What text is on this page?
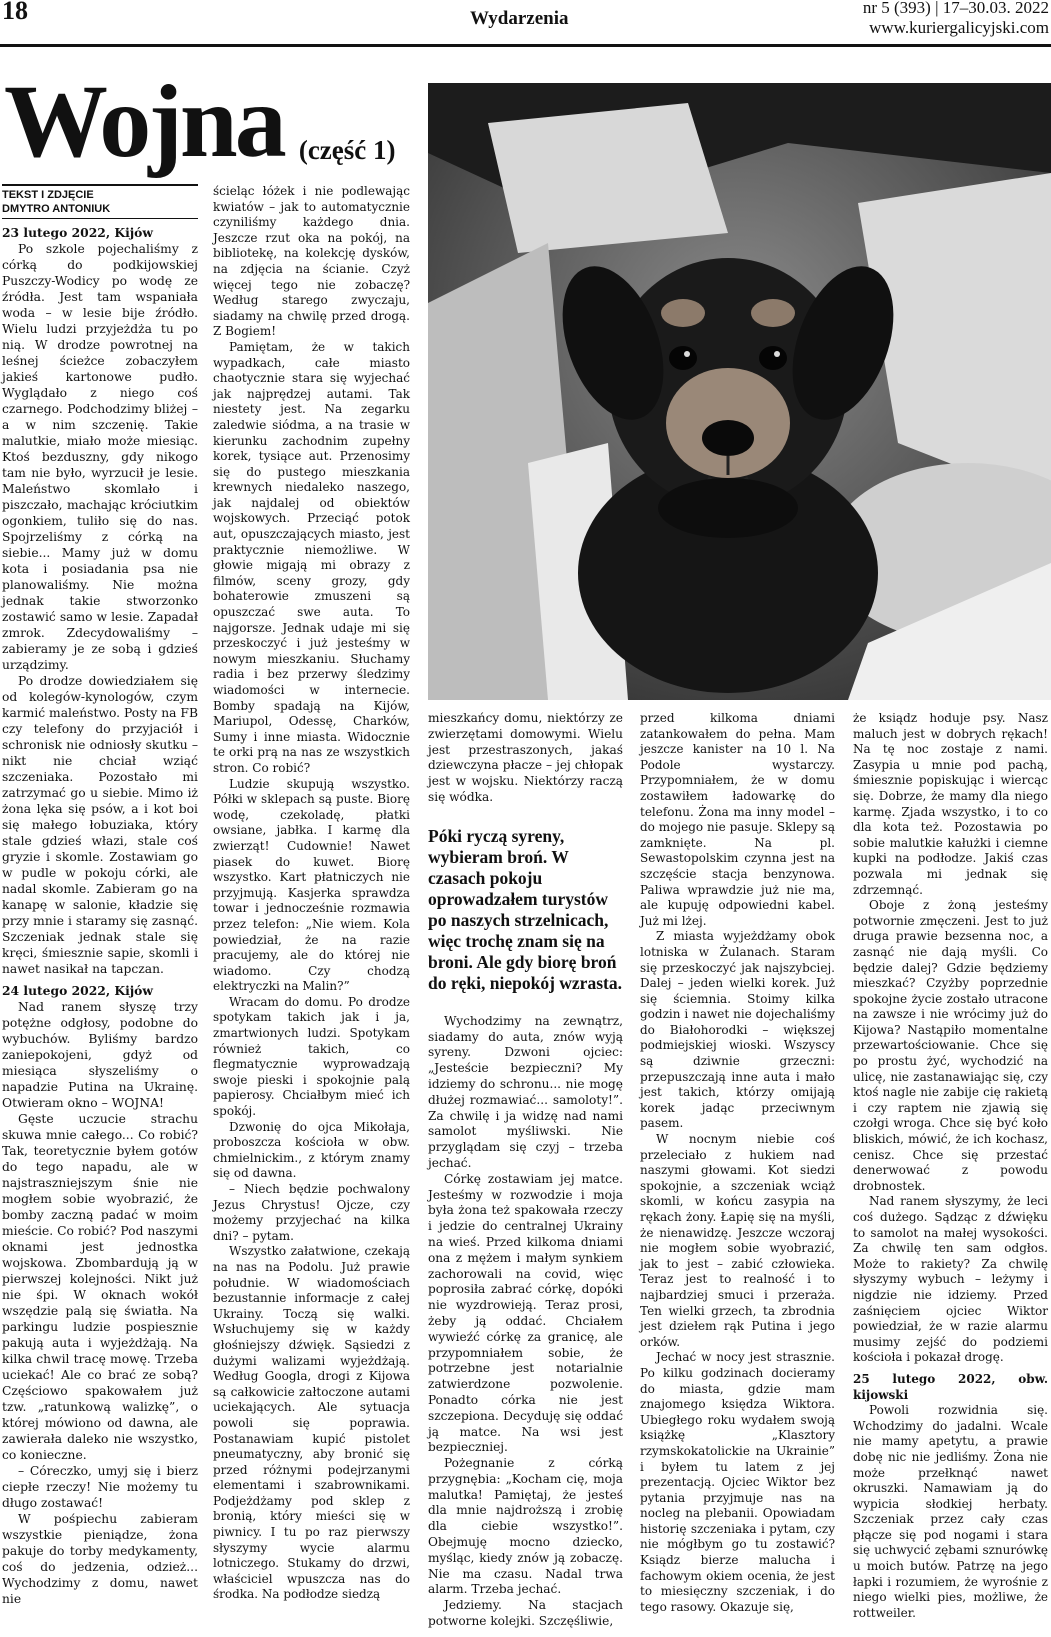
18	Wydarzenia
nr 5 (393) | 17–30.03. 2022
www.kuriergalicyjski.com
Wojna (część 1)
TEKST I ZDJĘCIE
DMYTRO ANTONIUK

23 lutego 2022, Kijów

Po szkole pojechaliśmy z córką do podkijowskiej Puszczy-Wodicy po wodę ze źródła. Jest tam wspaniała woda – w lesie bije źródło. Wielu ludzi przyjeżdża tu po nią. W drodze powrotnej na leśnej ścieżce zobaczyłem jakieś kartonowe pudło. Wyglądało z niego coś czarnego. Podchodzimy bliżej – a w nim szczenię. Takie malutkie, miało może miesiąc. Ktoś bezduszny, gdy nikogo tam nie było, wyrzucił je lesie. Maleństwo skomlało i piszczało, machając króciutkim ogonkiem, tuliło się do nas. Spojrzeliśmy z córką na siebie... Mamy już w domu kota i posiadania psa nie planowaliśmy. Nie można jednak takie stworzonko zostawić samo w lesie. Zapadał zmrok. Zdecydowaliśmy – zabieramy je ze sobą i gdzieś urządzimy.

Po drodze dowiedziałem się od kolegów-kynologów, czym karmić maleństwo. Posty na FB czy telefony do przyjaciół i schronisk nie odniosły skutku – nikt nie chciał wziąć szczeniaka. Pozostało mi zatrzymać go u siebie. Mimo iż żona lęka się psów, a i kot boi się małego łobuziaka, który stale gdzieś włazi, stale coś gryzie i skomle. Zostawiam go w pudle w pokoju córki, ale nadal skomle. Zabieram go na kanapę w salonie, kładzie się przy mnie i staramy się zasnąć. Szczeniak jednak stale się kręci, śmiesznie sapie, skomli i nawet nasikał na tapczan.

24 lutego 2022, Kijów

Nad ranem słyszę trzy potężne odgłosy, podobne do wybuchów. Byliśmy bardzo zaniepokojeni, gdyż od miesiąca słyszeliśmy o napadzie Putina na Ukrainę. Otwieram okno – WOJNA!

Gęste uczucie strachu skuwa mnie całego... Co robić? Tak, teoretycznie byłem gotów do tego napadu, ale w najstraszniejszym śnie nie mogłem sobie wyobrazić, że bomby zaczną padać w moim mieście. Co robić? Pod naszymi oknami jest jednostka wojskowa. Zbombardują ją w pierwszej kolejności. Nikt już nie śpi. W oknach wokół wszędzie palą się światła. Na parkingu ludzie pospiesznie pakują auta i wyjeżdżają. Na kilka chwil tracę mowę. Trzeba uciekać! Ale co brać ze sobą? Częściowo spakowałem już tzw. „ratunkową walizkę”, o której mówiono od dawna, ale zawierała daleko nie wszystko, co konieczne.

– Córeczko, umyj się i bierz ciepłe rzeczy! Nie możemy tu długo zostawać!

W pośpiechu zabieram wszystkie pieniądze, żona pakuje do torby medykamenty, coś do jedzenia, odzież... Wychodzimy z domu, nawet nie

ścieląc łóżek i nie podlewając kwiatów – jak to automatycznie czyniliśmy każdego dnia. Jeszcze rzut oka na pokój, na bibliotekę, na kolekcję dysków, na zdjęcia na ścianie. Czyż więcej tego nie zobaczę? Według starego zwyczaju, siadamy na chwilę przed drogą. Z Bogiem!

Pamiętam, że w takich wypadkach, całe miasto chaotycznie stara się wyjechać jak najprędzej autami. Tak niestety jest. Na zegarku zaledwie siódma, a na trasie w kierunku zachodnim zupełny korek, tysiące aut. Przenosimy się do pustego mieszkania krewnych niedaleko naszego, jak najdalej od obiektów wojskowych. Przeciąć potok aut, opuszczających miasto, jest praktycznie niemożliwe. W głowie migają mi obrazy z filmów, sceny grozy, gdy bohaterowie zmuszeni są opuszczać swe auta. To najgorsze. Jednak udaje mi się przeskoczyć i już jesteśmy w nowym mieszkaniu. Słuchamy radia i bez przerwy śledzimy wiadomości w internecie. Bomby spadają na Kijów, Mariupol, Odessę, Charków, Sumy i inne miasta. Widocznie te orki prą na nas ze wszystkich stron. Co robić?

Ludzie skupują wszystko. Półki w sklepach są puste. Biorę wodę, czekoladę, płatki owsiane, jabłka. I karmę dla zwierząt! Cudownie! Nawet piasek do kuwet. Biorę wszystko. Kart płatniczych nie przyjmują. Kasjerka sprawdza towar i jednocześnie rozmawia przez telefon: „Nie wiem. Kola powiedział, że na razie pracujemy, ale do której nie wiadomo. Czy chodzą elektryczki na Malin?”

Wracam do domu. Po drodze spotykam takich jak i ja, zmartwionych ludzi. Spotykam również takich, co flegmatycznie wyprowadzają swoje pieski i spokojnie palą papierosy. Chciałbym mieć ich spokój.

Dzwonię do ojca Mikołaja, proboszcza kościoła w obw. chmielnickim., z którym znamy się od dawna.

– Niech będzie pochwalony Jezus Chrystus! Ojcze, czy możemy przyjechać na kilka dni? – pytam.

Wszystko załatwione, czekają na nas na Podolu. Już prawie południe. W wiadomościach bezustannie informacje z całej Ukrainy. Toczą się walki. Wsłuchujemy się w każdy głośniejszy dźwięk. Sąsiedzi z dużymi walizami wyjeżdżają. Według Googla, drogi z Kijowa są całkowicie załtoczone autami uciekających. Ale sytuacja powoli się poprawia. Postanawiam kupić pistolet pneumatyczny, aby bronić się przed różnymi podejrzanymi elementami i szabrownikami. Podjeżdżamy pod sklep z bronią, który mieści się w piwnicy. I tu po raz pierwszy słyszymy wycie alarmu lotniczego. Stukamy do drzwi, właściciel wpuszcza nas do środka. Na podłodze siedzą

mieszkańcy domu, niektórzy ze zwierzętami domowymi. Wielu jest przestraszonych, jakaś dziewczyna płacze – jej chłopak jest w wojsku. Niektórzy raczą się wódka.

Póki ryczą syreny, wybieram broń. W czasach pokoju oprowadzałem turystów po naszych strzelnicach, więc trochę znam się na broni. Ale gdy biorę broń do ręki, niepokój wzrasta.

Wychodzimy na zewnątrz, siadamy do auta, znów wyją syreny. Dzwoni ojciec: „Jesteście bezpieczni? My idziemy do schronu... nie mogę dłużej rozmawiać... samoloty!”. Za chwilę i ja widzę nad nami samolot myśliwski. Nie przyglądam się czyj – trzeba jechać.

Córkę zostawiam jej matce. Jesteśmy w rozwodzie i moja była żona też spakowała rzeczy i jedzie do centralnej Ukrainy na wieś. Przed kilkoma dniami ona z mężem i małym synkiem zachorowali na covid, więc poprosiła zabrać córkę, dopóki nie wyzdrowieją. Teraz prosi, żeby ją oddać. Chciałem wywieźć córkę za granicę, ale przypomniałem sobie, że potrzebne jest notarialnie zatwierdzone pozwolenie. Ponadto córka nie jest szczepiona. Decyduję się oddać ją matce. Na wsi jest bezpieczniej.

Pożegnanie z córką przygnębia: „Kocham cię, moja malutka! Pamiętaj, że jesteś dla mnie najdroższą i zrobię dla ciebie wszystko!”. Obejmuję mocno dziecko, myśląc, kiedy znów ją zobaczę. Nie ma czasu. Nadal trwa alarm. Trzeba jechać.

Jedziemy. Na stacjach potworne kolejki. Szczęśliwie,

przed kilkoma dniami zatankowałem do pełna. Mam jeszcze kanister na 10 l. Na Podole wystarczy. Przypomniałem, że w domu zostawiłem ładowarkę do telefonu. Żona ma inny model – do mojego nie pasuje. Sklepy są zamknięte. Na pl. Sewastopolskim czynna jest na szczęście stacja benzynowa. Paliwa wprawdzie już nie ma, ale kupuję odpowiedni kabel. Już mi lżej.

Z miasta wyjeżdżamy obok lotniska w Żulanach. Staram się przeskoczyć jak najszybciej. Dalej – jeden wielki korek. Już się ściemnia. Stoimy kilka godzin i nawet nie dojechaliśmy do Białohorodki – większej podmiejskiej wioski. Wszyscy są dziwnie grzeczni: przepuszczają inne auta i mało jest takich, którzy omijają korek jadąc przeciwnym pasem.

W nocnym niebie coś przeleciało z hukiem nad naszymi głowami. Kot siedzi spokojnie, a szczeniak wciąż skomli, w końcu zasypia na rękach żony. Łapię się na myśli, że nienawidzę. Jeszcze wczoraj nie mogłem sobie wyobrazić, jak to jest – zabić człowieka. Teraz jest to realność i to najbardziej smuci i przeraża. Ten wielki grzech, ta zbrodnia jest dziełem rąk Putina i jego orków.

Jechać w nocy jest strasznie. Po kilku godzinach docieramy do miasta, gdzie mam znajomego księdza Wiktora. Ubiegłego roku wydałem swoją książkę „Klasztory rzymskokatolickie na Ukrainie” i byłem tu latem z jej prezentacją. Ojciec Wiktor bez pytania przyjmuje nas na nocleg na plebanii. Opowiadam historię szczeniaka i pytam, czy nie mógłbym go tu zostawić? Ksiądz bierze malucha i fachowym okiem ocenia, że jest to miesięczny szczeniak, i do tego rasowy. Okazuje się,

że ksiądz hoduje psy. Nasz maluch jest w dobrych rękach! Na tę noc zostaje z nami. Zasypia u mnie pod pachą, śmiesznie popiskując i wiercąc się. Dobrze, że mamy dla niego karmę. Zjada wszystko, i to co dla kota też. Pozostawia po sobie malutkie kałużki i ciemne kupki na podłodze. Jakiś czas pozwala mi jednak się zdrzemnąć.

Oboje z żoną jesteśmy potwornie zmęczeni. Jest to już druga prawie bezsenna noc, a zasnąć nie dają myśli. Co będzie dalej? Gdzie będziemy mieszkać? Czyżby poprzednie spokojne życie zostało utracone na zawsze i nie wrócimy już do Kijowa? Nastąpiło momentalne przewartościowanie. Chce się po prostu żyć, wychodzić na ulicę, nie zastanawiając się, czy ktoś nagle nie zabije cię rakietą i czy raptem nie zjawią się czołgi wroga. Chce się być koło bliskich, mówić, że ich kochasz, cenisz. Chce się przestać denerwować z powodu drobnostek.

Nad ranem słyszymy, że leci coś dużego. Sądząc z dźwięku to samolot na małej wysokości. Za chwilę ten sam odgłos. Może to rakiety? Za chwilę słyszymy wybuch – leżymy i nigdzie nie idziemy. Przed zaśnięciem ojciec Wiktor powiedział, że w razie alarmu musimy zejść do podziemi kościoła i pokazał drogę.

25 lutego 2022, obw. kijowski

Powoli rozwidnia się. Wchodzimy do jadalni. Wcale nie mamy apetytu, a prawie dobę nic nie jedliśmy. Żona nie może przełknąć nawet okruszki. Namawiam ją do wypicia słodkiej herbaty. Szczeniak przez cały czas płącze się pod nogami i stara się uchwycić zębami sznurówkę u moich butów. Patrzę na jego łapki i rozumiem, że wyrośnie z niego wielki pies, możliwe, że rottweiler.
